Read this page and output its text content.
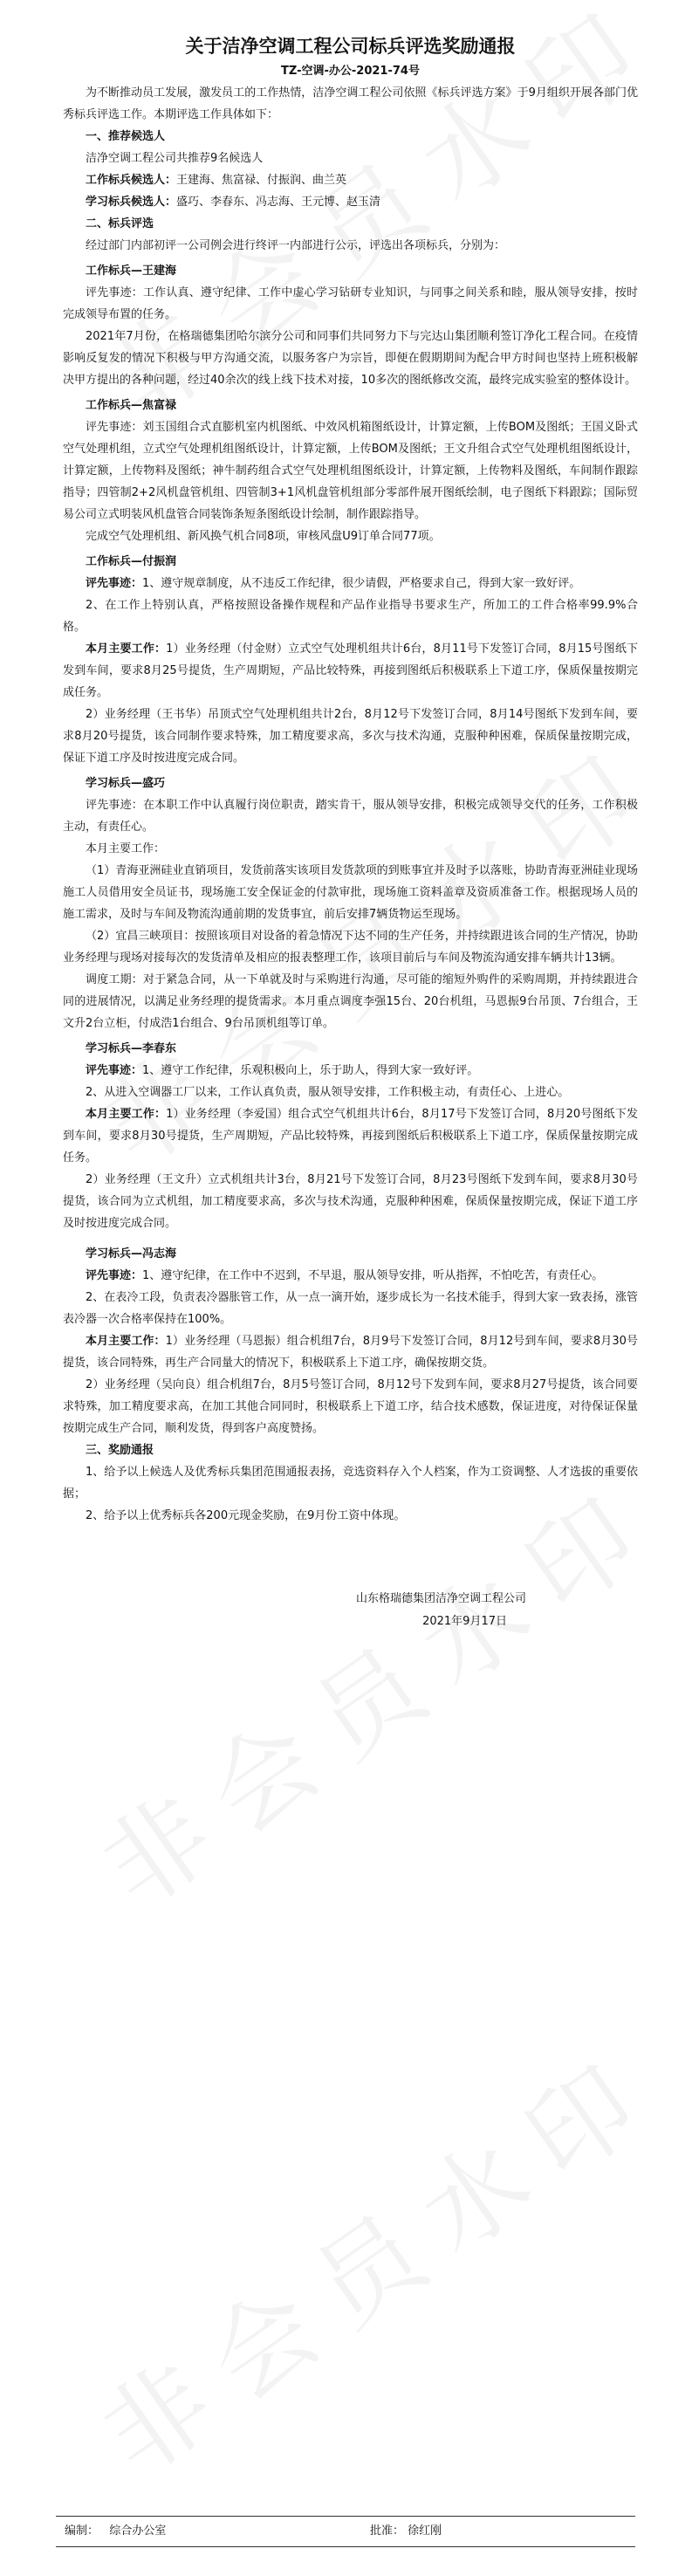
关于洁净空调工程公司标兵评选奖励通报
TZ-空调-办公-2021-74号

为不断推动员工发展，激发员工的工作热情，洁净空调工程公司依照《标兵评选方案》于9月组织开展各部门优秀标兵评选工作。本期评选工作具体如下：

一、推荐候选人

洁净空调工程公司共推荐9名候选人

工作标兵候选人：王建海、焦富禄、付振润、曲兰英

学习标兵候选人：盛巧、李春东、冯志海、王元博、赵玉清

二、标兵评选

经过部门内部初评一公司例会进行终评一内部进行公示，评选出各项标兵，分别为：

工作标兵—王建海

评先事迹：工作认真、遵守纪律、工作中虚心学习钻研专业知识，与同事之间关系和睦，服从领导安排，按时完成领导布置的任务。

2021年7月份，在格瑞德集团哈尔滨分公司和同事们共同努力下与完达山集团顺利签订净化工程合同。在疫情影响反复发的情况下积极与甲方沟通交流，以服务客户为宗旨，即便在假期期间为配合甲方时间也坚持上班积极解决甲方提出的各种问题，经过40余次的线上线下技术对接，10多次的图纸修改交流，最终完成实验室的整体设计。

工作标兵—焦富禄

评先事迹：刘玉国组合式直膨机室内机图纸、中效风机箱图纸设计，计算定额，上传BOM及图纸；王国义卧式空气处理机组，立式空气处理机组图纸设计，计算定额，上传BOM及图纸；王文升组合式空气处理机组图纸设计，计算定额，上传物料及图纸；神牛制药组合式空气处理机组图纸设计，计算定额，上传物料及图纸，车间制作跟踪指导；四管制2+2风机盘管机组、四管制3+1风机盘管机组部分零部件展开图纸绘制，电子图纸下料跟踪；国际贸易公司立式明装风机盘管合同装饰条短条图纸设计绘制，制作跟踪指导。

完成空气处理机组、新风换气机合同8项，审核风盘U9订单合同77项。

工作标兵—付振润

评先事迹：1、遵守规章制度，从不违反工作纪律，很少请假，严格要求自己，得到大家一致好评。

2、在工作上特别认真，严格按照设备操作规程和产品作业指导书要求生产，所加工的工件合格率99.9%合格。

本月主要工作：1）业务经理（付金财）立式空气处理机组共计6台，8月11号下发签订合同，8月15号图纸下发到车间，要求8月25号提货，生产周期短，产品比较特殊，再接到图纸后积极联系上下道工序，保质保量按期完成任务。

2）业务经理（王书华）吊顶式空气处理机组共计2台，8月12号下发签订合同，8月14号图纸下发到车间，要求8月20号提货，该合同制作要求特殊，加工精度要求高，多次与技术沟通，克服种种困难，保质保量按期完成，保证下道工序及时按进度完成合同。

学习标兵—盛巧

评先事迹：在本职工作中认真履行岗位职责，踏实肯干，服从领导安排，积极完成领导交代的任务，工作积极主动，有责任心。

本月主要工作：

（1）青海亚洲硅业直销项目，发货前落实该项目发货款项的到账事宜并及时予以落账，协助青海亚洲硅业现场施工人员借用安全员证书，现场施工安全保证金的付款审批，现场施工资料盖章及资质准备工作。根据现场人员的施工需求，及时与车间及物流沟通前期的发货事宜，前后安排7辆货物运至现场。

（2）宜昌三峡项目：按照该项目对设备的着急情况下达不同的生产任务，并持续跟进该合同的生产情况，协助业务经理与现场对接每次的发货清单及相应的报表整理工作，该项目前后与车间及物流沟通安排车辆共计13辆。

调度工期：对于紧急合同，从一下单就及时与采购进行沟通，尽可能的缩短外购件的采购周期，并持续跟进合同的进展情况，以满足业务经理的提货需求。本月重点调度李强15台、20台机组，马恩振9台吊顶、7台组合，王文升2台立柜，付成浩1台组合、9台吊顶机组等订单。

学习标兵—李春东

评先事迹：1、遵守工作纪律，乐观积极向上，乐于助人，得到大家一致好评。

2、从进入空调器工厂以来，工作认真负责，服从领导安排，工作积极主动，有责任心、上进心。

本月主要工作：1）业务经理（李爱国）组合式空气机组共计6台，8月17号下发签订合同，8月20号图纸下发到车间，要求8月30号提货，生产周期短，产品比较特殊，再接到图纸后积极联系上下道工序，保质保量按期完成任务。

2）业务经理（王文升）立式机组共计3台，8月21号下发签订合同，8月23号图纸下发到车间，要求8月30号提货，该合同为立式机组，加工精度要求高，多次与技术沟通，克服种种困难，保质保量按期完成，保证下道工序及时按进度完成合同。

学习标兵—冯志海

评先事迹：1、遵守纪律，在工作中不迟到，不早退，服从领导安排，听从指挥，不怕吃苦，有责任心。

2、在表冷工段，负责表冷器胀管工作，从一点一滴开始，逐步成长为一名技术能手，得到大家一致表扬，涨管表冷器一次合格率保持在100%。

本月主要工作：1）业务经理（马恩振）组合机组7台，8月9号下发签订合同，8月12号到车间，要求8月30号提货，该合同特殊，再生产合同量大的情况下，积极联系上下道工序，确保按期交货。

2）业务经理（吴向良）组合机组7台，8月5号签订合同，8月12号下发到车间，要求8月27号提货，该合同要求特殊，加工精度要求高，在加工其他合同同时，积极联系上下道工序，结合技术感数，保证进度，对待保证保量按期完成生产合同，顺利发货，得到客户高度赞扬。

三、奖励通报

1、给予以上候选人及优秀标兵集团范围通报表扬，竞选资料存入个人档案，作为工资调整、人才选拔的重要依据；

2、给予以上优秀标兵各200元现金奖励，在9月份工资中体现。

山东格瑞德集团洁净空调工程公司
2021年9月17日
编制： 综合办公室	批准： 徐红刚
